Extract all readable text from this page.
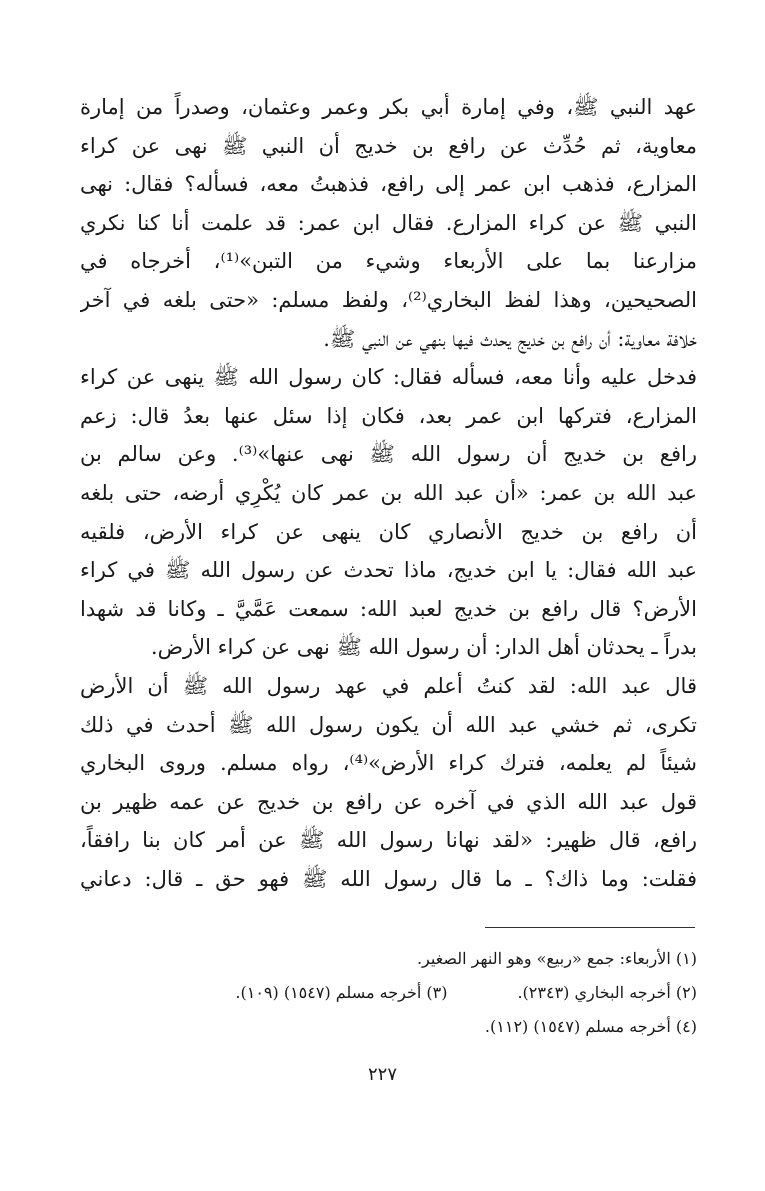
عهد النبي ﷺ، وفي إمارة أبي بكر وعمر وعثمان، وصدراً من إمارة
معاوية، ثم حُدِّث عن رافع بن خديج أن النبي ﷺ نهى عن كراء
المزارع، فذهب ابن عمر إلى رافع، فذهبتُ معه، فسأله؟ فقال: نهى
النبي ﷺ عن كراء المزارع. فقال ابن عمر: قد علمت أنا كنا نكري
مزارعنا بما على الأربعاء وشيء من التبن»⁽¹⁾، أخرجاه في
الصحيحين، وهذا لفظ البخاري⁽²⁾، ولفظ مسلم: «حتى بلغه في آخر
خلافة معاوية: أن رافع بن خديج يحدث فيها بنهي عن النبي ﷺ.
فدخل عليه وأنا معه، فسأله فقال: كان رسول الله ﷺ ينهى عن كراء
المزارع، فتركها ابن عمر بعد، فكان إذا سئل عنها بعدُ قال: زعم
رافع بن خديج أن رسول الله ﷺ نهى عنها»⁽³⁾. وعن سالم بن
عبد الله بن عمر: «أن عبد الله بن عمر كان يُكْرِي أرضه، حتى بلغه
أن رافع بن خديج الأنصاري كان ينهى عن كراء الأرض، فلقيه
عبد الله فقال: يا ابن خديج، ماذا تحدث عن رسول الله ﷺ في كراء
الأرض؟ قال رافع بن خديج لعبد الله: سمعت عَمَّيَّ ـ وكانا قد شهدا
بدراً ـ يحدثان أهل الدار: أن رسول الله ﷺ نهى عن كراء الأرض.
قال عبد الله: لقد كنتُ أعلم في عهد رسول الله ﷺ أن الأرض
تكرى، ثم خشي عبد الله أن يكون رسول الله ﷺ أحدث في ذلك
شيئاً لم يعلمه، فترك كراء الأرض»⁽⁴⁾، رواه مسلم. وروى البخاري
قول عبد الله الذي في آخره عن رافع بن خديج عن عمه ظهير بن
رافع، قال ظهير: «لقد نهانا رسول الله ﷺ عن أمر كان بنا رافقاً،
فقلت: وما ذاك؟ ـ ما قال رسول الله ﷺ فهو حق ـ قال: دعاني
(١) الأربعاء: جمع «ربيع» وهو النهر الصغير.
(٢) أخرجه البخاري (٢٣٤٣).(٣) أخرجه مسلم (١٥٤٧) (١٠٩).
(٤) أخرجه مسلم (١٥٤٧) (١١٢).
٢٢٧
